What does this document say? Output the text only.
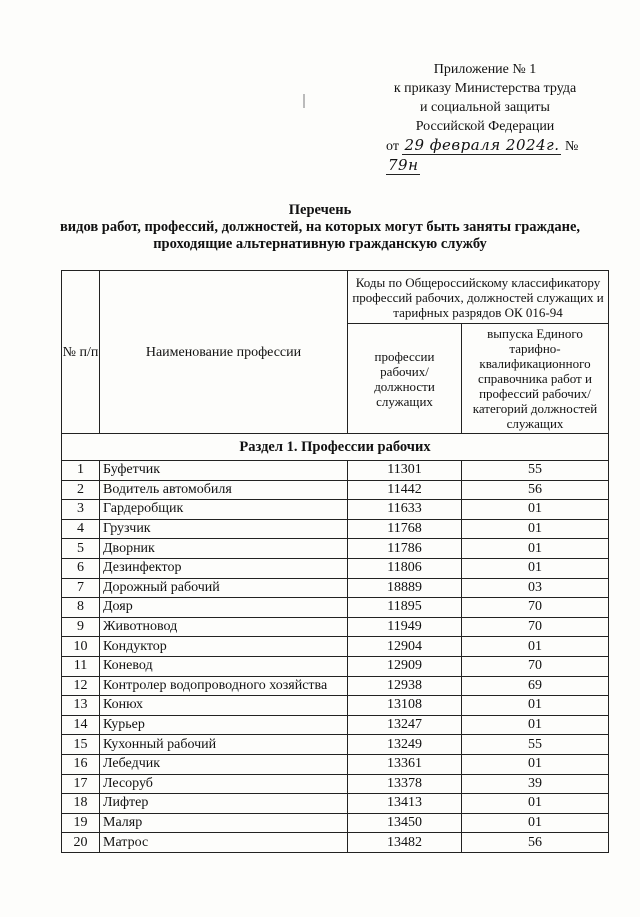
Приложение № 1
к приказу Министерства труда
и социальной защиты
Российской Федерации
от 29 февраля 2024г. № 79н
Перечень
видов работ, профессий, должностей, на которых могут быть заняты граждане,
проходящие альтернативную гражданскую службу
№ п/п	Наименование профессии	Коды по Общероссийскому классификатору профессий рабочих, должностей служащих и тарифных разрядов ОК 016-94	
		профессии рабочих/ должности служащих	выпуска Единого тарифно-квалификационного справочника работ и профессий рабочих/категорий должностей служащих
Раздел 1. Профессии рабочих			
1	Буфетчик	11301	55
2	Водитель автомобиля	11442	56
3	Гардеробщик	11633	01
4	Грузчик	11768	01
5	Дворник	11786	01
6	Дезинфектор	11806	01
7	Дорожный рабочий	18889	03
8	Дояр	11895	70
9	Животновод	11949	70
10	Кондуктор	12904	01
11	Коневод	12909	70
12	Контролер водопроводного хозяйства	12938	69
13	Конюх	13108	01
14	Курьер	13247	01
15	Кухонный рабочий	13249	55
16	Лебедчик	13361	01
17	Лесоруб	13378	39
18	Лифтер	13413	01
19	Маляр	13450	01
20	Матрос	13482	56
